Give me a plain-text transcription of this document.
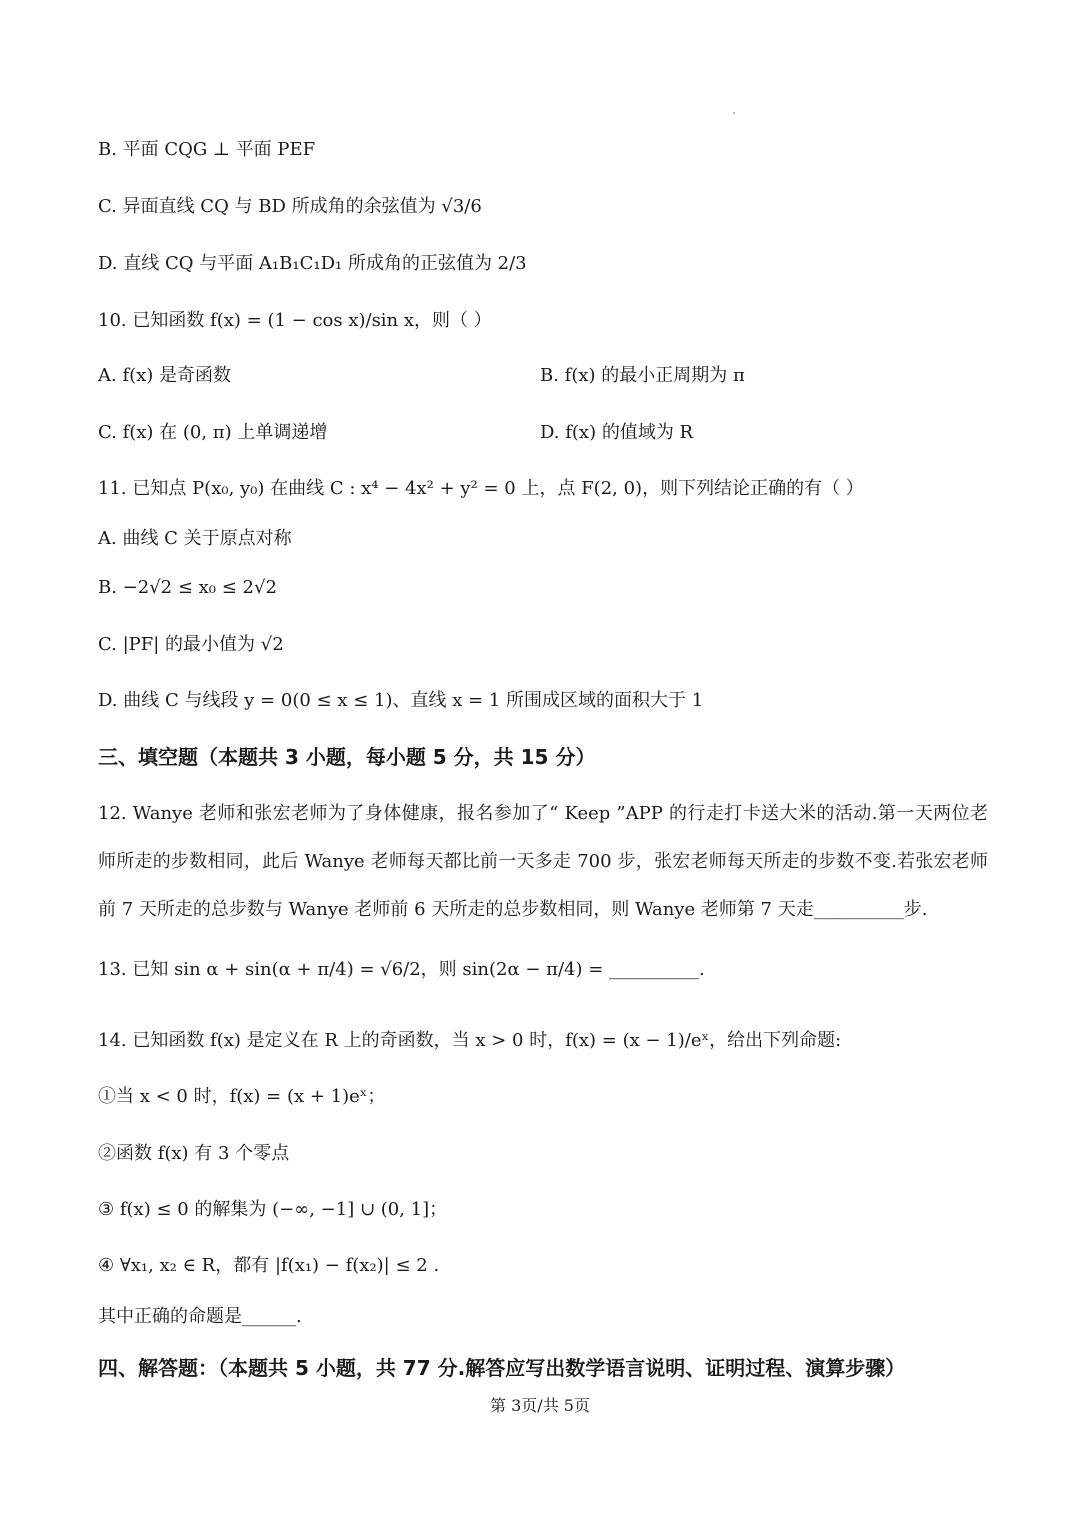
B. 平面 CQG ⊥ 平面 PEF
C. 异面直线 CQ 与 BD 所成角的余弦值为 √3/6
D. 直线 CQ 与平面 A₁B₁C₁D₁ 所成角的正弦值为 2/3
10. 已知函数 f(x) = (1 − cos x)/sin x，则（ ）
A. f(x) 是奇函数	B. f(x) 的最小正周期为 π
C. f(x) 在 (0, π) 上单调递增	D. f(x) 的值域为 R
11. 已知点 P(x₀, y₀) 在曲线 C : x⁴ − 4x² + y² = 0 上，点 F(2, 0)，则下列结论正确的有（ ）
A. 曲线 C 关于原点对称
B. −2√2 ≤ x₀ ≤ 2√2
C. |PF| 的最小值为 √2
D. 曲线 C 与线段 y = 0(0 ≤ x ≤ 1)、直线 x = 1 所围成区域的面积大于 1
三、填空题（本题共 3 小题，每小题 5 分，共 15 分）
12. Wanye 老师和张宏老师为了身体健康，报名参加了“ Keep ”APP 的行走打卡送大米的活动.第一天两位老师所走的步数相同，此后 Wanye 老师每天都比前一天多走 700 步，张宏老师每天所走的步数不变.若张宏老师前 7 天所走的总步数与 Wanye 老师前 6 天所走的总步数相同，则 Wanye 老师第 7 天走__________步.
13. 已知 sin α + sin(α + π/4) = √6/2，则 sin(2α − π/4) = __________.
14. 已知函数 f(x) 是定义在 R 上的奇函数，当 x > 0 时，f(x) = (x − 1)/eˣ，给出下列命题:
①当 x < 0 时，f(x) = (x + 1)eˣ；
②函数 f(x) 有 3 个零点
③ f(x) ≤ 0 的解集为 (−∞, −1] ∪ (0, 1]；
④ ∀x₁, x₂ ∈ R，都有 |f(x₁) − f(x₂)| ≤ 2 .
其中正确的命题是______.
四、解答题：（本题共 5 小题，共 77 分.解答应写出数学语言说明、证明过程、演算步骤）
第 3页/共 5页
